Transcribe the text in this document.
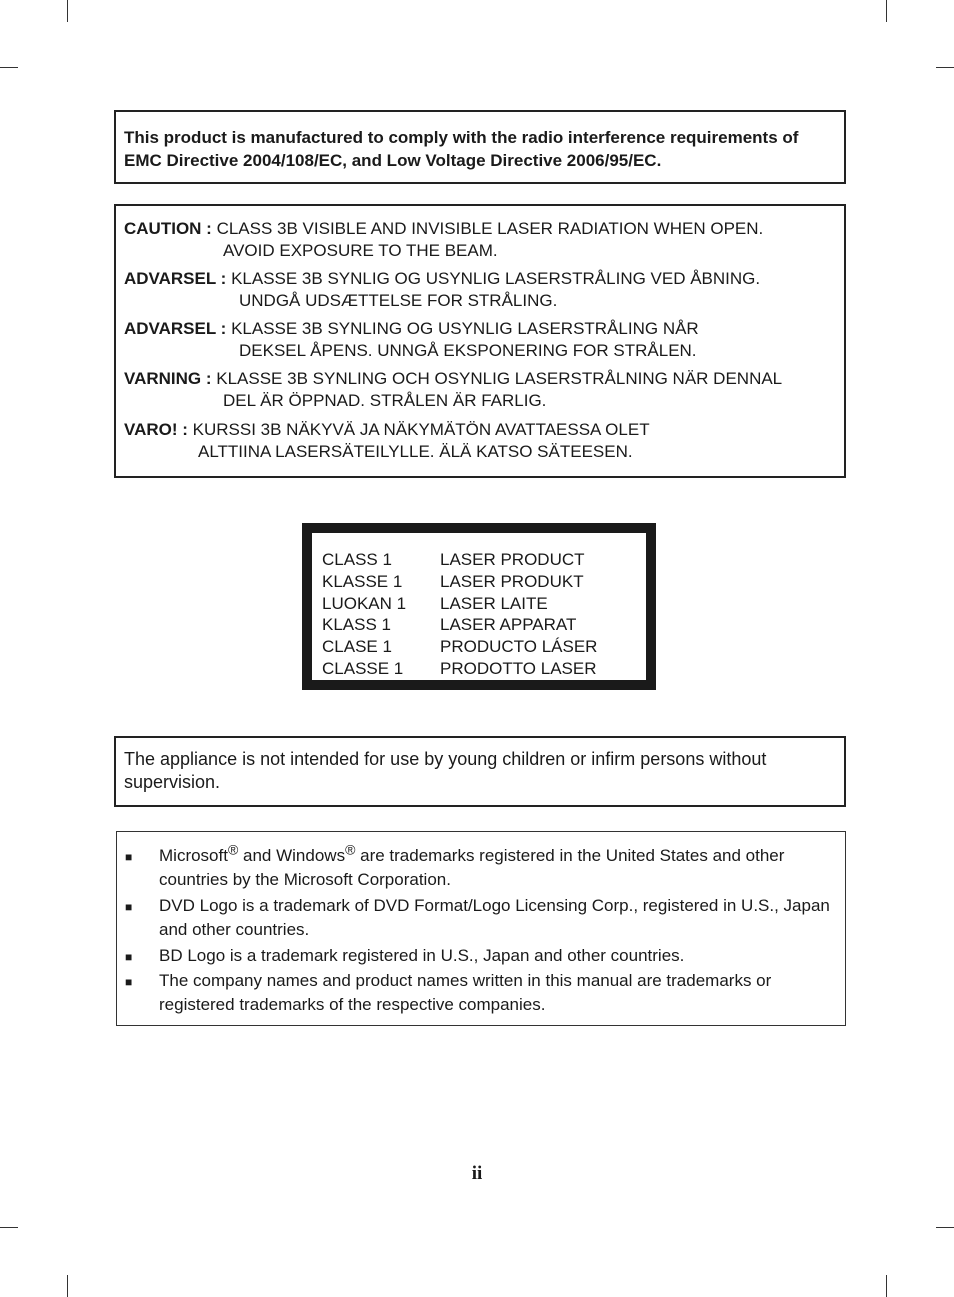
This product is manufactured to comply with the radio interference requirements of EMC Directive 2004/108/EC, and Low Voltage Directive 2006/95/EC.

CAUTION : CLASS 3B VISIBLE AND INVISIBLE LASER RADIATION WHEN OPEN.
AVOID EXPOSURE TO THE BEAM.
ADVARSEL : KLASSE 3B SYNLIG OG USYNLIG LASERSTRÅLING VED ÅBNING.
UNDGÅ UDSÆTTELSE FOR STRÅLING.
ADVARSEL : KLASSE 3B SYNLING OG USYNLIG LASERSTRÅLING NÅR
DEKSEL ÅPENS. UNNGÅ EKSPONERING FOR STRÅLEN.
VARNING : KLASSE 3B SYNLING OCH OSYNLIG LASERSTRÅLNING NÄR DENNAL
DEL ÄR ÖPPNAD. STRÅLEN ÄR FARLIG.
VARO! : KURSSI 3B NÄKYVÄ JA NÄKYMÄTÖN AVATTAESSA OLET
ALTTIINA LASERSÄTEILYLLE. ÄLÄ KATSO SÄTEESEN.
CLASS 1	LASER PRODUCT
KLASSE 1 LASER PRODUKT
LUOKAN 1 LASER LAITE
KLASS 1	LASER APPARAT
CLASE 1	PRODUCTO LÁSER
CLASSE 1 PRODOTTO LASER

The appliance is not intended for use by young children or infirm persons without supervision.

■ Microsoft® and Windows® are trademarks registered in the United States and other countries by the Microsoft Corporation.
■ DVD Logo is a trademark of DVD Format/Logo Licensing Corp., registered in U.S., Japan and other countries.
■ BD Logo is a trademark registered in U.S., Japan and other countries.
■ The company names and product names written in this manual are trademarks or registered trademarks of the respective companies.
ii
